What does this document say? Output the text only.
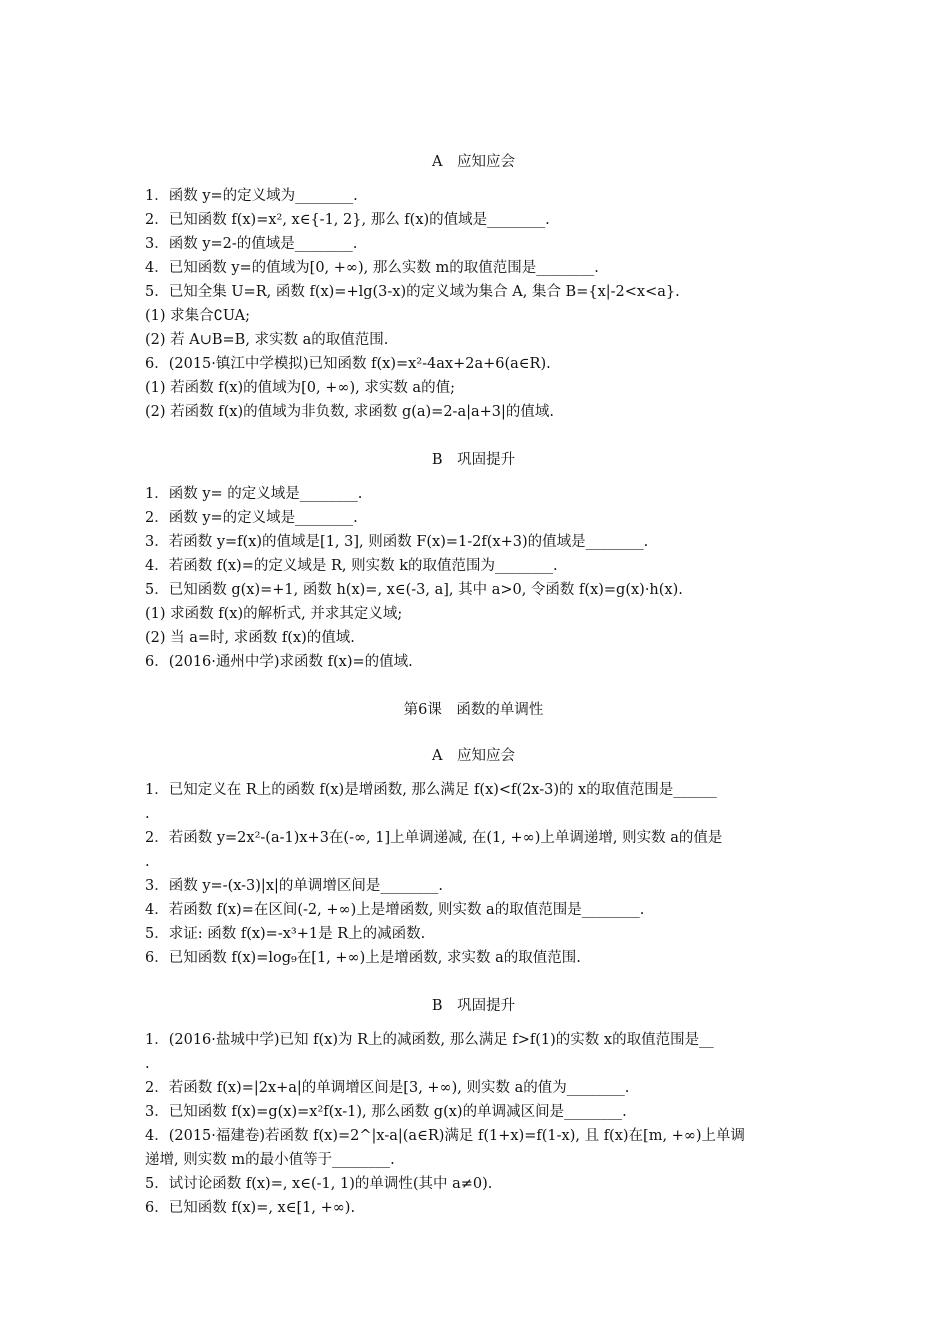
A　应知应会

1．函数 y=的定义域为________.

2．已知函数 f(x)=x², x∈{-1, 2}, 那么 f(x)的值域是________.

3．函数 y=2-的值域是________.

4．已知函数 y=的值域为[0, +∞), 那么实数 m的取值范围是________.

5．已知全集 U=R, 函数 f(x)=+lg(3-x)的定义域为集合 A, 集合 B={x|-2<x<a}.

(1) 求集合∁UA;

(2) 若 A∪B=B, 求实数 a的取值范围.

6．(2015·镇江中学模拟)已知函数 f(x)=x²-4ax+2a+6(a∈R).

(1) 若函数 f(x)的值域为[0, +∞), 求实数 a的值;

(2) 若函数 f(x)的值域为非负数, 求函数 g(a)=2-a|a+3|的值域.

B　巩固提升

1．函数 y= 的定义域是________.

2．函数 y=的定义域是________.

3．若函数 y=f(x)的值域是[1, 3], 则函数 F(x)=1-2f(x+3)的值域是________.

4．若函数 f(x)=的定义域是 R, 则实数 k的取值范围为________.

5．已知函数 g(x)=+1, 函数 h(x)=, x∈(-3, a], 其中 a>0, 令函数 f(x)=g(x)·h(x).

(1) 求函数 f(x)的解析式, 并求其定义域;

(2) 当 a=时, 求函数 f(x)的值域.

6．(2016·通州中学)求函数 f(x)=的值域.

第6课　函数的单调性

A　应知应会

1．已知定义在 R上的函数 f(x)是增函数, 那么满足 f(x)<f(2x-3)的 x的取值范围是______

.

2．若函数 y=2x²-(a-1)x+3在(-∞, 1]上单调递减, 在(1, +∞)上单调递增, 则实数 a的值是

.

3．函数 y=-(x-3)|x|的单调增区间是________.

4．若函数 f(x)=在区间(-2, +∞)上是增函数, 则实数 a的取值范围是________.

5．求证: 函数 f(x)=-x³+1是 R上的减函数.

6．已知函数 f(x)=log₉在[1, +∞)上是增函数, 求实数 a的取值范围.

B　巩固提升

1．(2016·盐城中学)已知 f(x)为 R上的减函数, 那么满足 f>f(1)的实数 x的取值范围是__

.

2．若函数 f(x)=|2x+a|的单调增区间是[3, +∞), 则实数 a的值为________.

3．已知函数 f(x)=g(x)=x²f(x-1), 那么函数 g(x)的单调减区间是________.

4．(2015·福建卷)若函数 f(x)=2^|x-a|(a∈R)满足 f(1+x)=f(1-x), 且 f(x)在[m, +∞)上单调

递增, 则实数 m的最小值等于________.

5．试讨论函数 f(x)=, x∈(-1, 1)的单调性(其中 a≠0).

6．已知函数 f(x)=, x∈[1, +∞).
